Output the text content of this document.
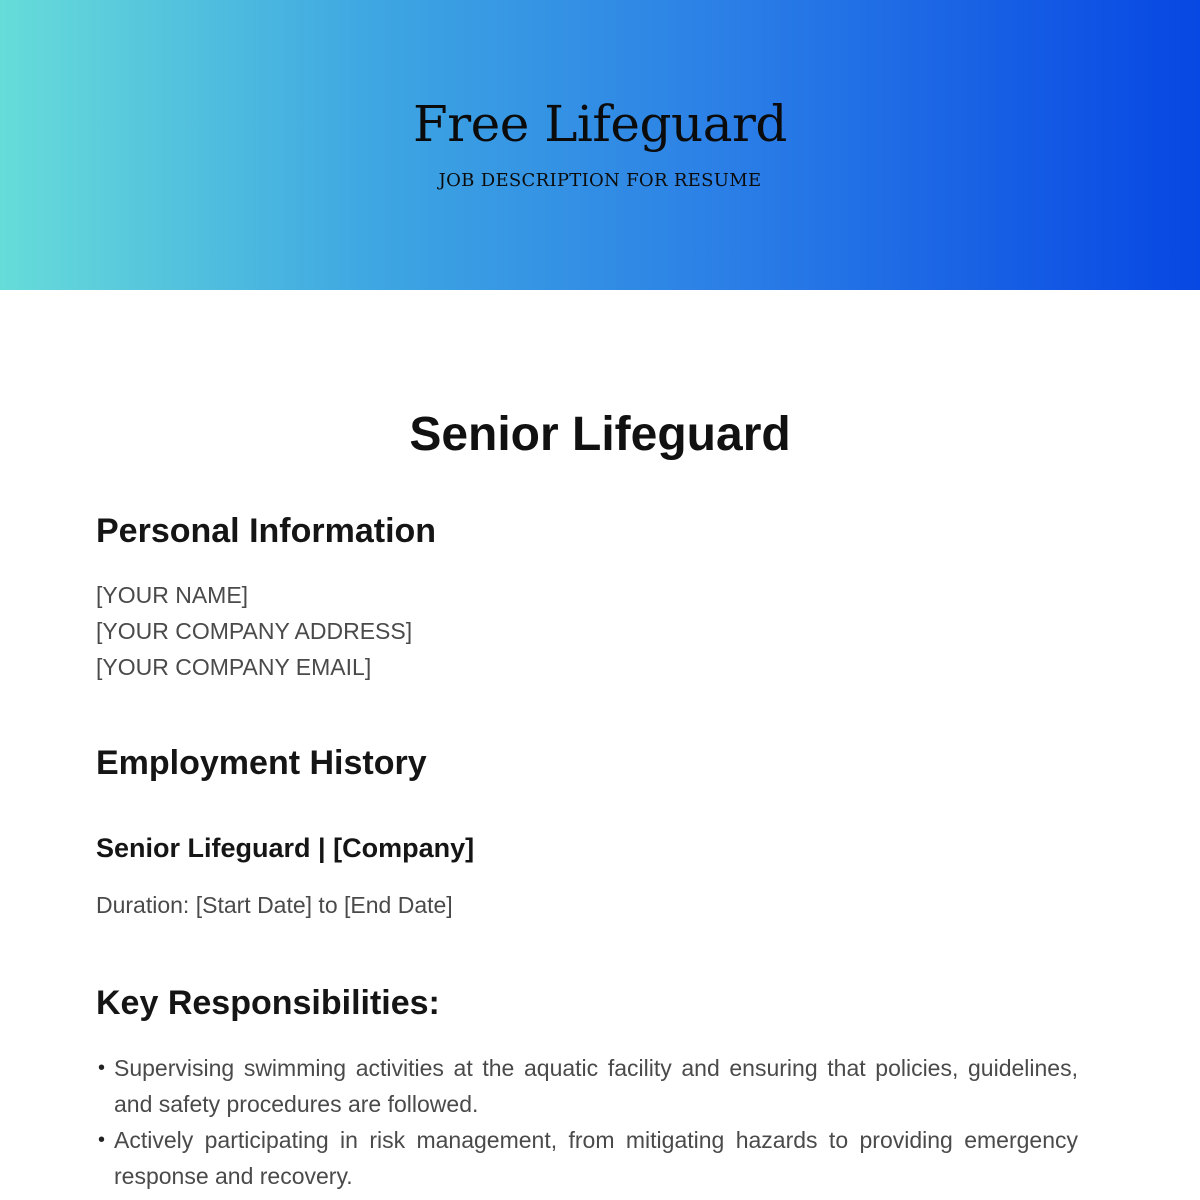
Free Lifeguard
JOB DESCRIPTION FOR RESUME
Senior Lifeguard
Personal Information
[YOUR NAME]
[YOUR COMPANY ADDRESS]
[YOUR COMPANY EMAIL]
Employment History
Senior Lifeguard | [Company]
Duration: [Start Date] to [End Date]
Key Responsibilities:
• Supervising swimming activities at the aquatic facility and ensuring that policies, guidelines, and safety procedures are followed.
• Actively participating in risk management, from mitigating hazards to providing emergency response and recovery.
